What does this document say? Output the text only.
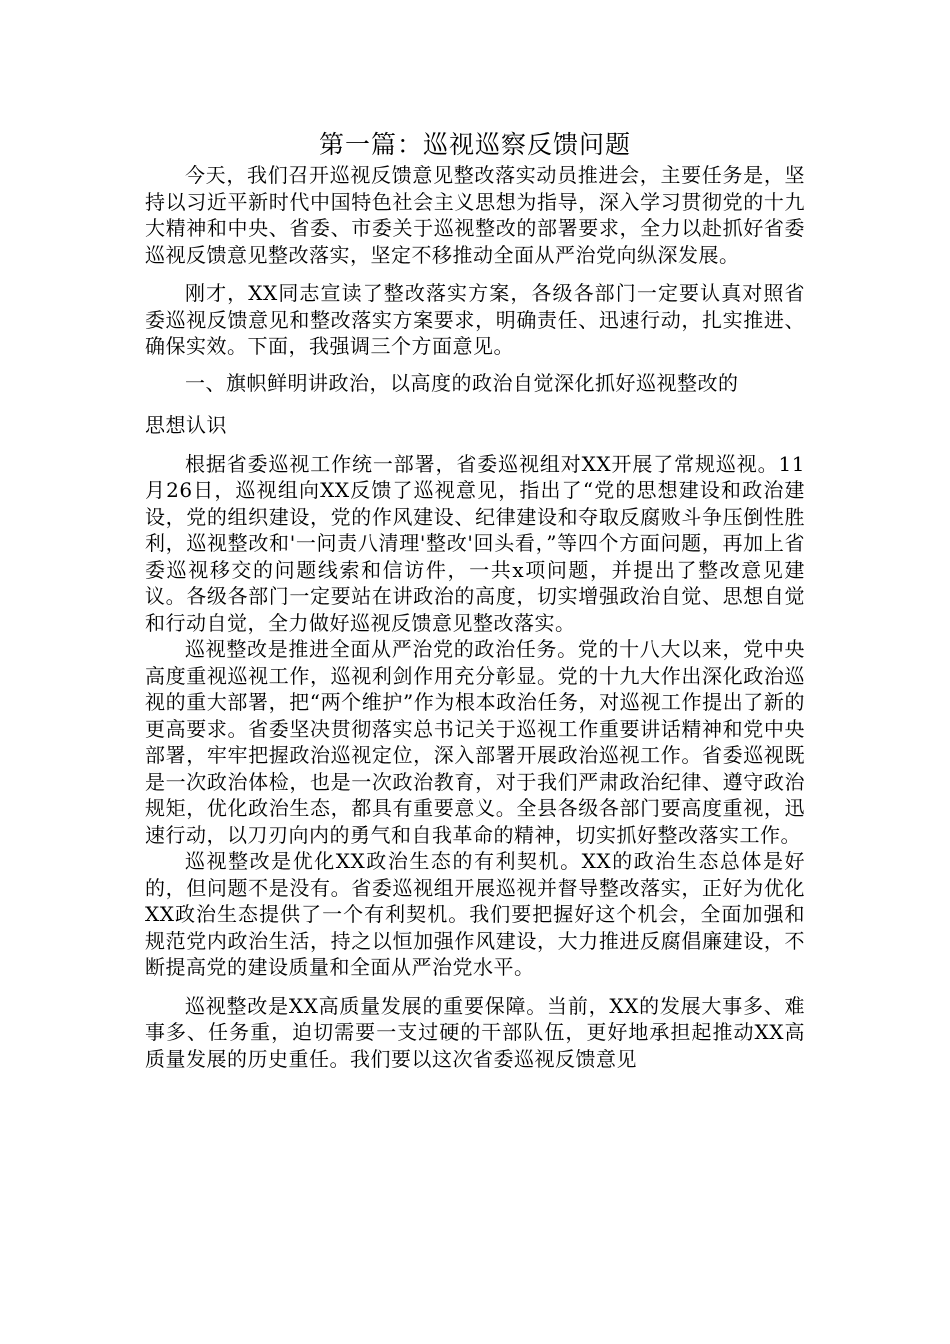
第一篇：巡视巡察反馈问题

今天，我们召开巡视反馈意见整改落实动员推进会，主要任务是，坚持以习近平新时代中国特色社会主义思想为指导，深入学习贯彻党的十九大精神和中央、省委、市委关于巡视整改的部署要求，全力以赴抓好省委巡视反馈意见整改落实，坚定不移推动全面从严治党向纵深发展。

刚才，XX同志宣读了整改落实方案，各级各部门一定要认真对照省委巡视反馈意见和整改落实方案要求，明确责任、迅速行动，扎实推进、确保实效。下面，我强调三个方面意见。

一、旗帜鲜明讲政治，以高度的政治自觉深化抓好巡视整改的

思想认识

根据省委巡视工作统一部署，省委巡视组对XX开展了常规巡视。11月26日，巡视组向XX反馈了巡视意见，指出了“党的思想建设和政治建设，党的组织建设，党的作风建设、纪律建设和夺取反腐败斗争压倒性胜利，巡视整改和'一问责八清理'整改'回头看，”等四个方面问题，再加上省委巡视移交的问题线索和信访件，一共x项问题，并提出了整改意见建议。各级各部门一定要站在讲政治的高度，切实增强政治自觉、思想自觉和行动自觉，全力做好巡视反馈意见整改落实。

巡视整改是推进全面从严治党的政治任务。党的十八大以来，党中央高度重视巡视工作，巡视利剑作用充分彰显。党的十九大作出深化政治巡视的重大部署，把“两个维护”作为根本政治任务，对巡视工作提出了新的更高要求。省委坚决贯彻落实总书记关于巡视工作重要讲话精神和党中央部署，牢牢把握政治巡视定位，深入部署开展政治巡视工作。省委巡视既是一次政治体检，也是一次政治教育，对于我们严肃政治纪律、遵守政治规矩，优化政治生态，都具有重要意义。全县各级各部门要高度重视，迅速行动，以刀刃向内的勇气和自我革命的精神，切实抓好整改落实工作。

巡视整改是优化XX政治生态的有利契机。XX的政治生态总体是好的，但问题不是没有。省委巡视组开展巡视并督导整改落实，正好为优化XX政治生态提供了一个有利契机。我们要把握好这个机会，全面加强和规范党内政治生活，持之以恒加强作风建设，大力推进反腐倡廉建设，不断提高党的建设质量和全面从严治党水平。

巡视整改是XX高质量发展的重要保障。当前，XX的发展大事多、难事多、任务重，迫切需要一支过硬的干部队伍，更好地承担起推动XX高质量发展的历史重任。我们要以这次省委巡视反馈意见
